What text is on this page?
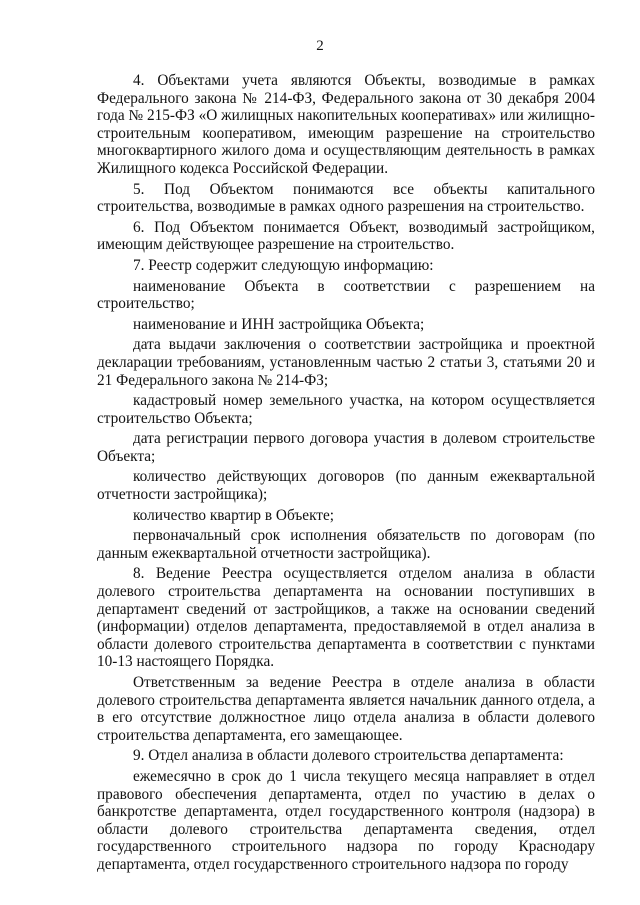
2

4. Объектами учета являются Объекты, возводимые в рамках Федерального закона № 214-ФЗ, Федерального закона от 30 декабря 2004 года № 215-ФЗ «О жилищных накопительных кооперативах» или жилищно-строительным кооперативом, имеющим разрешение на строительство многоквартирного жилого дома и осуществляющим деятельность в рамках Жилищного кодекса Российской Федерации.

5. Под Объектом понимаются все объекты капитального строительства, возводимые в рамках одного разрешения на строительство.

6. Под Объектом понимается Объект, возводимый застройщиком, имеющим действующее разрешение на строительство.

7. Реестр содержит следующую информацию:

наименование Объекта в соответствии с разрешением на строительство;

наименование и ИНН застройщика Объекта;

дата выдачи заключения о соответствии застройщика и проектной декларации требованиям, установленным частью 2 статьи 3, статьями 20 и 21 Федерального закона № 214-ФЗ;

кадастровый номер земельного участка, на котором осуществляется строительство Объекта;

дата регистрации первого договора участия в долевом строительстве Объекта;

количество действующих договоров (по данным ежеквартальной отчетности застройщика);

количество квартир в Объекте;

первоначальный срок исполнения обязательств по договорам (по данным ежеквартальной отчетности застройщика).

8. Ведение Реестра осуществляется отделом анализа в области долевого строительства департамента на основании поступивших в департамент сведений от застройщиков, а также на основании сведений (информации) отделов департамента, предоставляемой в отдел анализа в области долевого строительства департамента в соответствии с пунктами 10-13 настоящего Порядка.

Ответственным за ведение Реестра в отделе анализа в области долевого строительства департамента является начальник данного отдела, а в его отсутствие должностное лицо отдела анализа в области долевого строительства департамента, его замещающее.

9. Отдел анализа в области долевого строительства департамента:

ежемесячно в срок до 1 числа текущего месяца направляет в отдел правового обеспечения департамента, отдел по участию в делах о банкротстве департамента, отдел государственного контроля (надзора) в области долевого строительства департамента сведения, отдел государственного строительного надзора по городу Краснодару департамента, отдел государственного строительного надзора по городу
